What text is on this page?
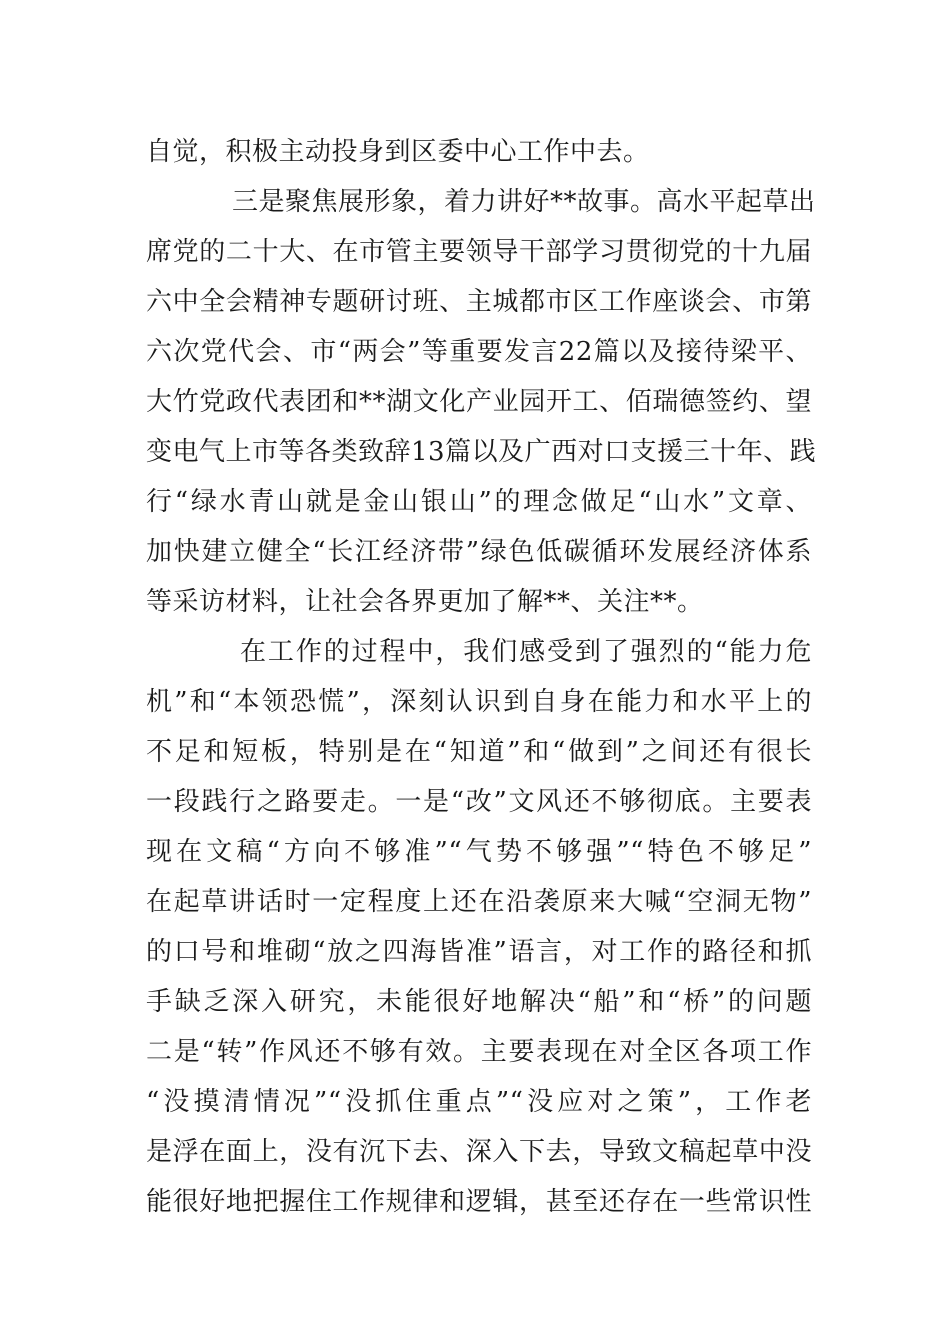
自觉，积极主动投身到区委中心工作中去。
三是聚焦展形象，着力讲好**故事。高水平起草出
席党的二十大、在市管主要领导干部学习贯彻党的十九届
六中全会精神专题研讨班、主城都市区工作座谈会、市第
六次党代会、市“两会”等重要发言22篇以及接待梁平、
大竹党政代表团和**湖文化产业园开工、佰瑞德签约、望
变电气上市等各类致辞13篇以及广西对口支援三十年、践
行“绿水青山就是金山银山”的理念做足“山水”文章、
加快建立健全“长江经济带”绿色低碳循环发展经济体系
等采访材料，让社会各界更加了解**、关注**。
在工作的过程中，我们感受到了强烈的“能力危
机”和“本领恐慌”，深刻认识到自身在能力和水平上的
不足和短板，特别是在“知道”和“做到”之间还有很长
一段践行之路要走。一是“改”文风还不够彻底。主要表
现在文稿“方向不够准”“气势不够强”“特色不够足”
在起草讲话时一定程度上还在沿袭原来大喊“空洞无物”
的口号和堆砌“放之四海皆准”语言，对工作的路径和抓
手缺乏深入研究，未能很好地解决“船”和“桥”的问题
二是“转”作风还不够有效。主要表现在对全区各项工作
“没摸清情况”“没抓住重点”“没应对之策”，工作老
是浮在面上，没有沉下去、深入下去，导致文稿起草中没
能很好地把握住工作规律和逻辑，甚至还存在一些常识性
